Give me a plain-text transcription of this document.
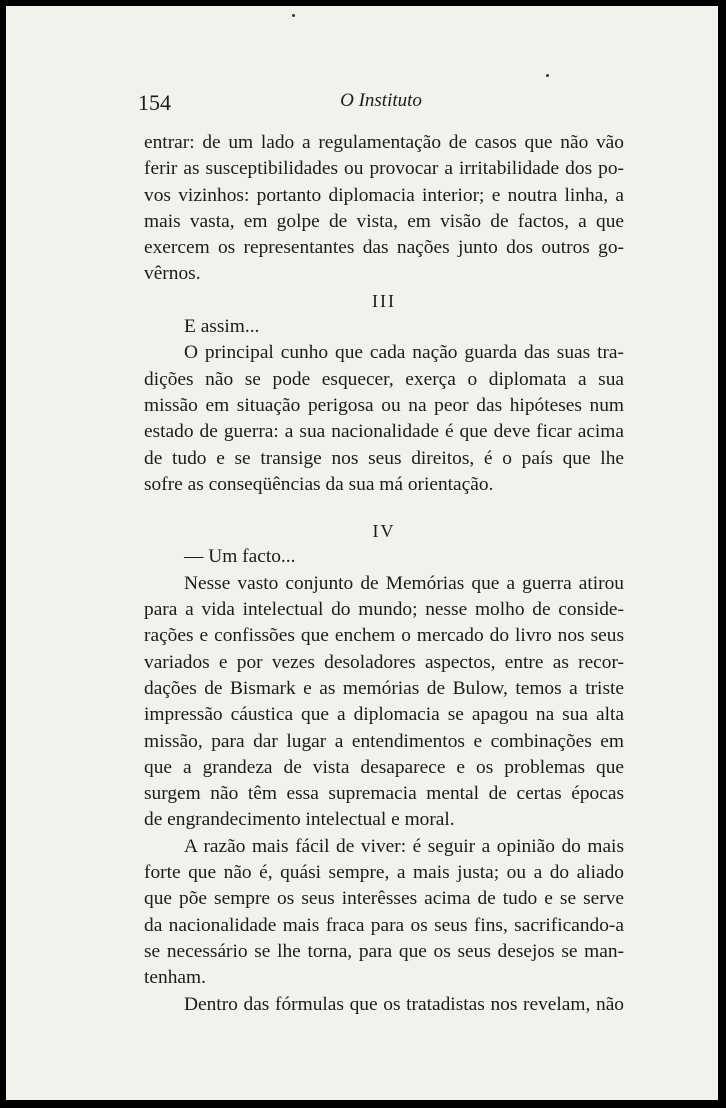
154	O Instituto
entrar: de um lado a regulamentação de casos que não vão
ferir as susceptibilidades ou provocar a irritabilidade dos po-
vos vizinhos: portanto diplomacia interior; e noutra linha, a
mais vasta, em golpe de vista, em visão de factos, a que
exercem os representantes das nações junto dos outros go-
vêrnos.
III
E assim...
O principal cunho que cada nação guarda das suas tra-
dições não se pode esquecer, exerça o diplomata a sua
missão em situação perigosa ou na peor das hipóteses num
estado de guerra: a sua nacionalidade é que deve ficar acima
de tudo e se transige nos seus direitos, é o país que lhe
sofre as conseqüências da sua má orientação.
IV
— Um facto...
Nesse vasto conjunto de Memórias que a guerra atirou
para a vida intelectual do mundo; nesse molho de conside-
rações e confissões que enchem o mercado do livro nos seus
variados e por vezes desoladores aspectos, entre as recor-
dações de Bismark e as memórias de Bulow, temos a triste
impressão cáustica que a diplomacia se apagou na sua alta
missão, para dar lugar a entendimentos e combinações em
que a grandeza de vista desaparece e os problemas que
surgem não têm essa supremacia mental de certas épocas
de engrandecimento intelectual e moral.
A razão mais fácil de viver: é seguir a opinião do mais
forte que não é, quási sempre, a mais justa; ou a do aliado
que põe sempre os seus interêsses acima de tudo e se serve
da nacionalidade mais fraca para os seus fins, sacrificando-a
se necessário se lhe torna, para que os seus desejos se man-
tenham.
Dentro das fórmulas que os tratadistas nos revelam, não
